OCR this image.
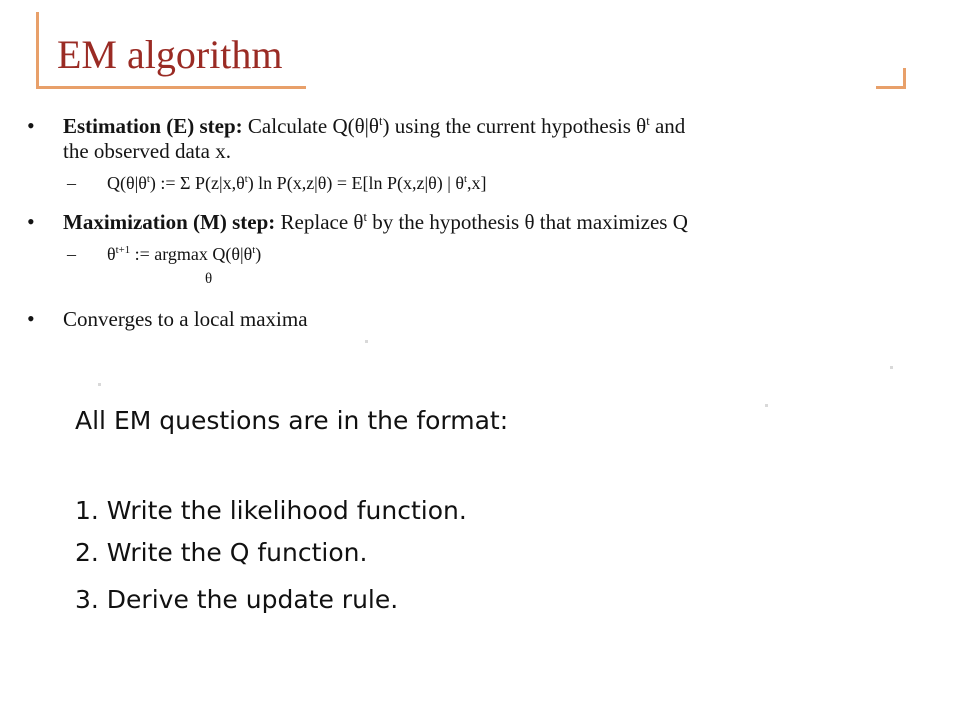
EM algorithm
• Estimation (E) step: Calculate $Q(\theta|\theta^t)$ using the current hypothesis $\theta^t$ and
the observed data x.
– $Q(\theta|\theta^t)$ := Σ $P(z|x,\theta^t)$ ln P(x,z|θ) = E[ln P(x,z|θ) | $\theta^t,x$]
• Maximization (M) step: Replace $\theta^t$ by the hypothesis θ that maximizes Q
– $\theta^{t+1}$ := argmax $Q(\theta|\theta^t)$
θ
• Converges to a local maxima
All EM questions are in the format:
1. Write the likelihood function.
2. Write the Q function.
3. Derive the update rule.
